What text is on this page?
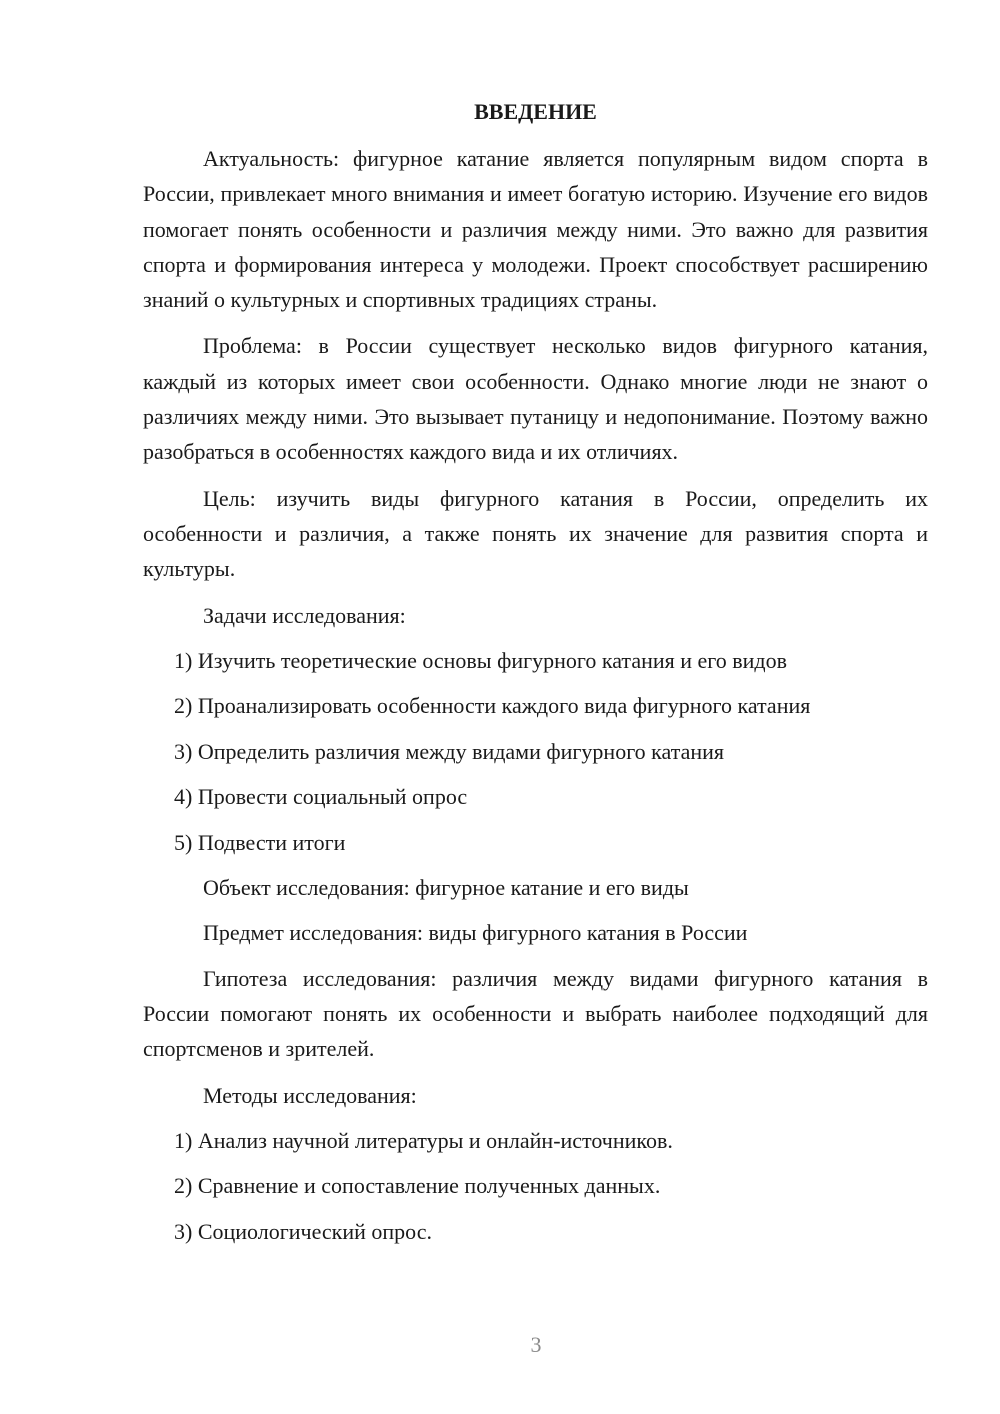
ВВЕДЕНИЕ

Актуальность: фигурное катание является популярным видом спорта в России, привлекает много внимания и имеет богатую историю. Изучение его видов помогает понять особенности и различия между ними. Это важно для развития спорта и формирования интереса у молодежи. Проект способствует расширению знаний о культурных и спортивных традициях страны.

Проблема: в России существует несколько видов фигурного катания, каждый из которых имеет свои особенности. Однако многие люди не знают о различиях между ними. Это вызывает путаницу и недопонимание. Поэтому важно разобраться в особенностях каждого вида и их отличиях.

Цель: изучить виды фигурного катания в России, определить их особенности и различия, а также понять их значение для развития спорта и культуры.

Задачи исследования:
1) Изучить теоретические основы фигурного катания и его видов
2) Проанализировать особенности каждого вида фигурного катания
3) Определить различия между видами фигурного катания
4) Провести социальный опрос
5) Подвести итоги
Объект исследования: фигурное катание и его виды
Предмет исследования: виды фигурного катания в России

Гипотеза исследования: различия между видами фигурного катания в России помогают понять их особенности и выбрать наиболее подходящий для спортсменов и зрителей.

Методы исследования:
1) Анализ научной литературы и онлайн-источников.
2) Сравнение и сопоставление полученных данных.
3) Социологический опрос.
3
